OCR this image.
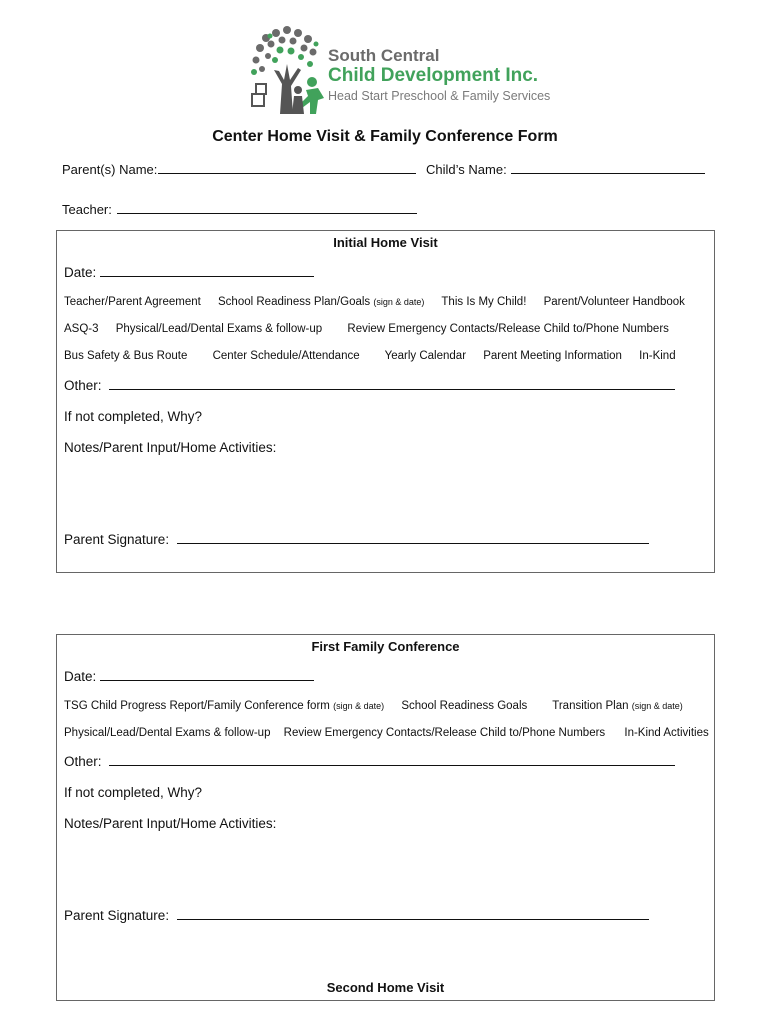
South Central
Child Development Inc.
Head Start Preschool & Family Services
Center Home Visit & Family Conference Form
Parent(s) Name:	Child’s Name:
Teacher:
Initial Home Visit
Date:
Teacher/Parent Agreement School Readiness Plan/Goals (sign & date) This Is My Child! Parent/Volunteer Handbook
ASQ-3 Physical/Lead/Dental Exams & follow-up Review Emergency Contacts/Release Child to/Phone Numbers
Bus Safety & Bus Route Center Schedule/Attendance Yearly Calendar Parent Meeting Information In-Kind
Other:
If not completed, Why?
Notes/Parent Input/Home Activities:
Parent Signature:
First Family Conference
Date:
TSG Child Progress Report/Family Conference form (sign & date) School Readiness Goals Transition Plan (sign & date)
Physical/Lead/Dental Exams & follow-up Review Emergency Contacts/Release Child to/Phone Numbers In-Kind Activities
Other:
If not completed, Why?
Notes/Parent Input/Home Activities:
Parent Signature:
Second Home Visit
